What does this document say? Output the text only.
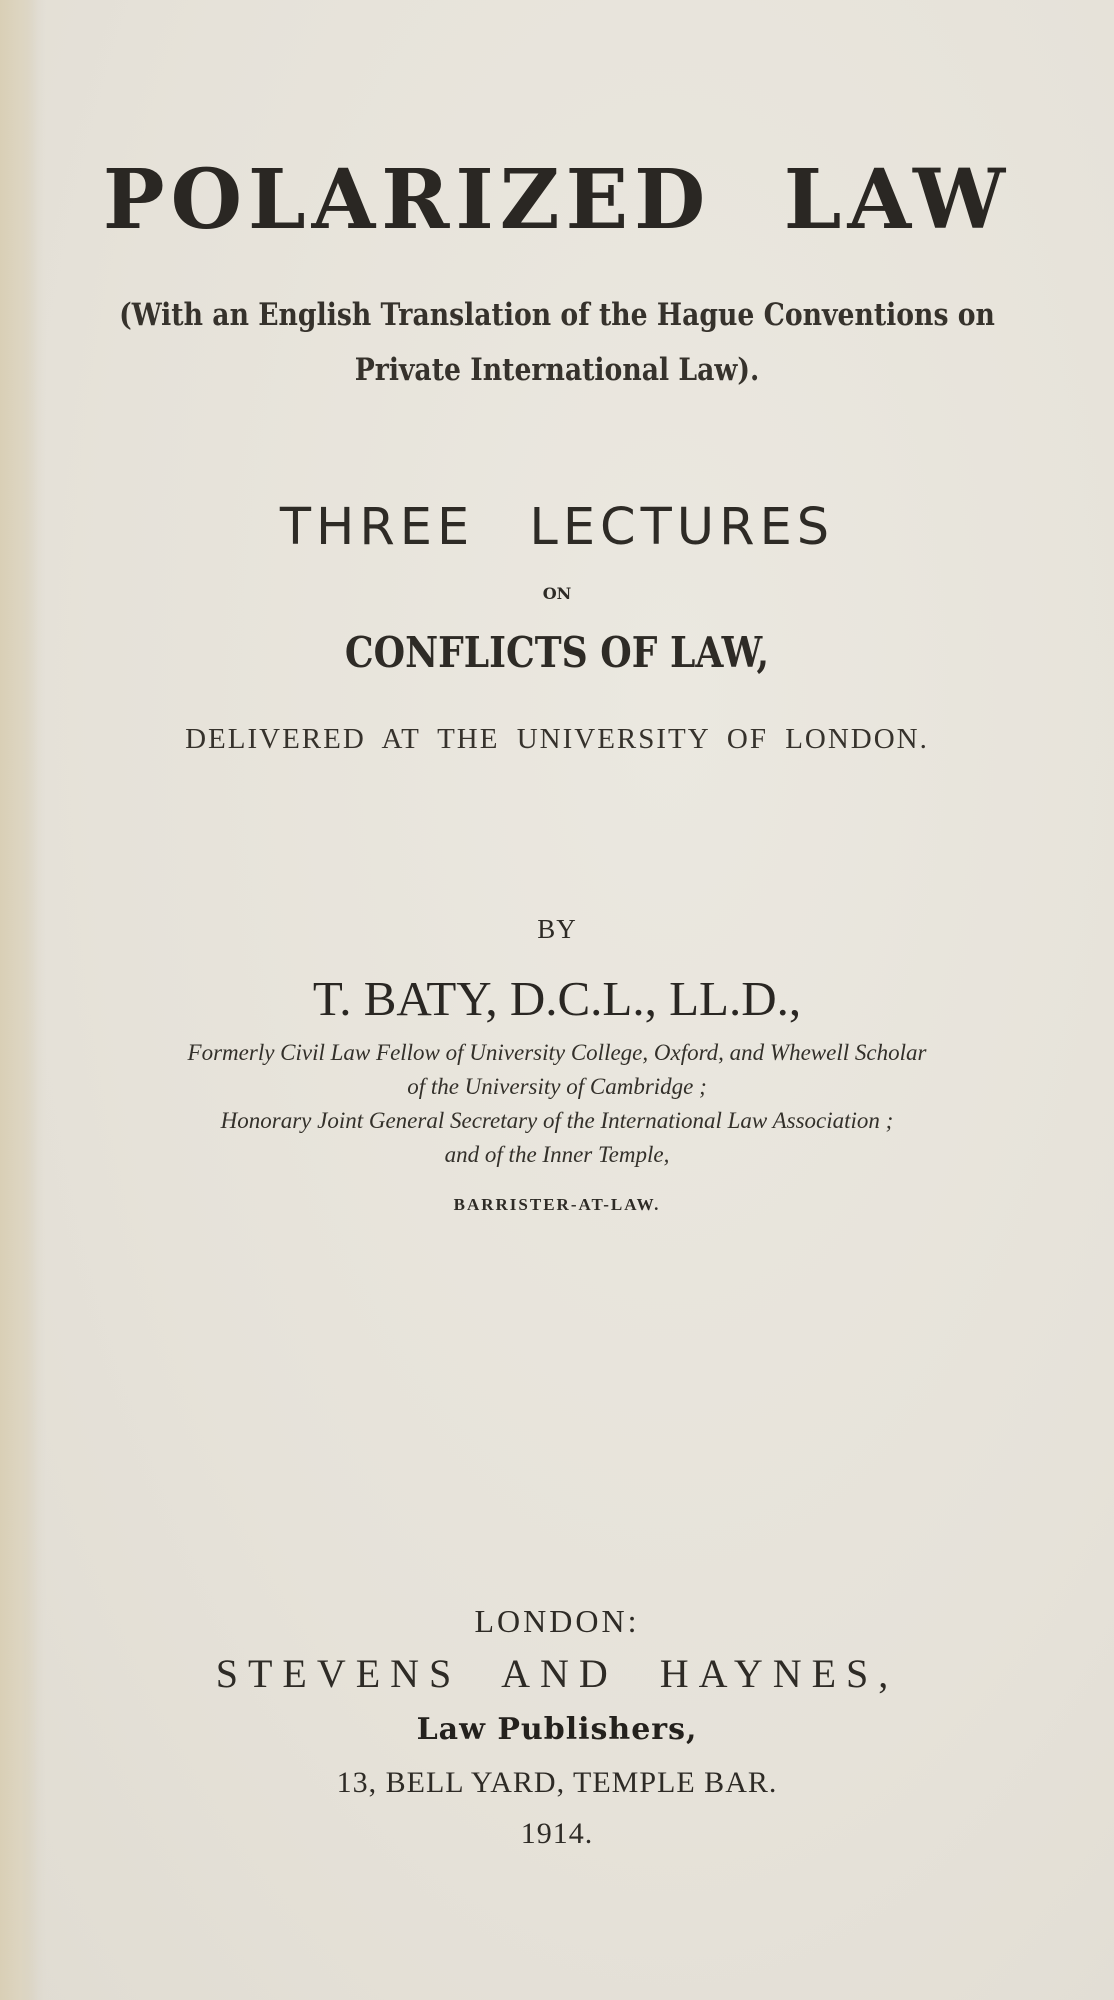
POLARIZED LAW
(With an English Translation of the Hague Conventions on
Private International Law).
THREE LECTURES
ON
CONFLICTS OF LAW,
DELIVERED AT THE UNIVERSITY OF LONDON.
BY
T. BATY, D.C.L., LL.D.,
Formerly Civil Law Fellow of University College, Oxford, and Whewell Scholar
of the University of Cambridge ;
Honorary Joint General Secretary of the International Law Association ;
and of the Inner Temple,
BARRISTER-AT-LAW.
LONDON:
STEVENS AND HAYNES,
Law Publishers,
13, BELL YARD, TEMPLE BAR.
1914.
